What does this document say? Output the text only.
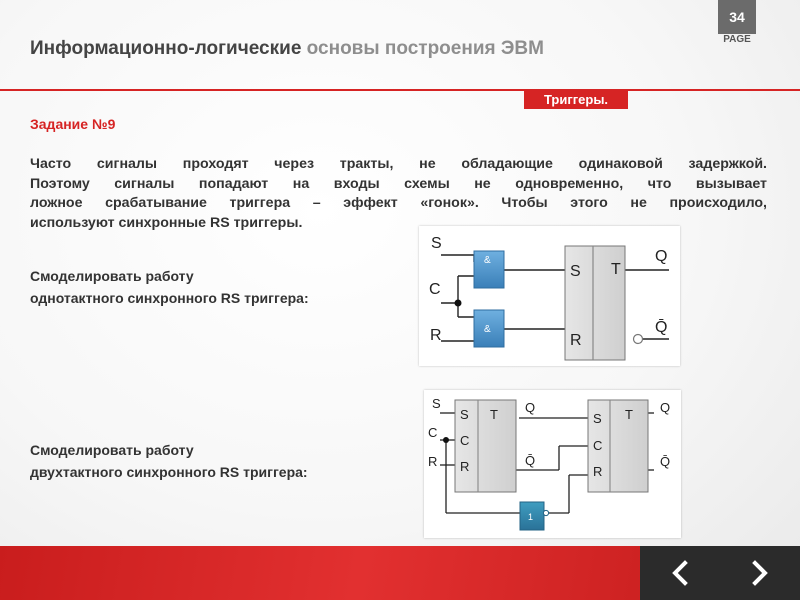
34
PAGE
Информационно-логические основы построения ЭВМ
Триггеры.
Задание №9

Часто сигналы проходят через тракты, не обладающие одинаковой задержкой.
Поэтому сигналы попадают на входы схемы не одновременно, что вызывает
ложное срабатывание триггера – эффект «гонок». Чтобы этого не происходило,
используют синхронные RS триггеры.

Смоделировать работу
однотактного синхронного RS триггера:
Смоделировать работу
двухтактного синхронного RS триггера:
S
C
R
&
&
S
R
T
Q
Q̄
S
C
R
S
C
R
T Q
Q̄
S
C
R
T Q
Q̄
1
